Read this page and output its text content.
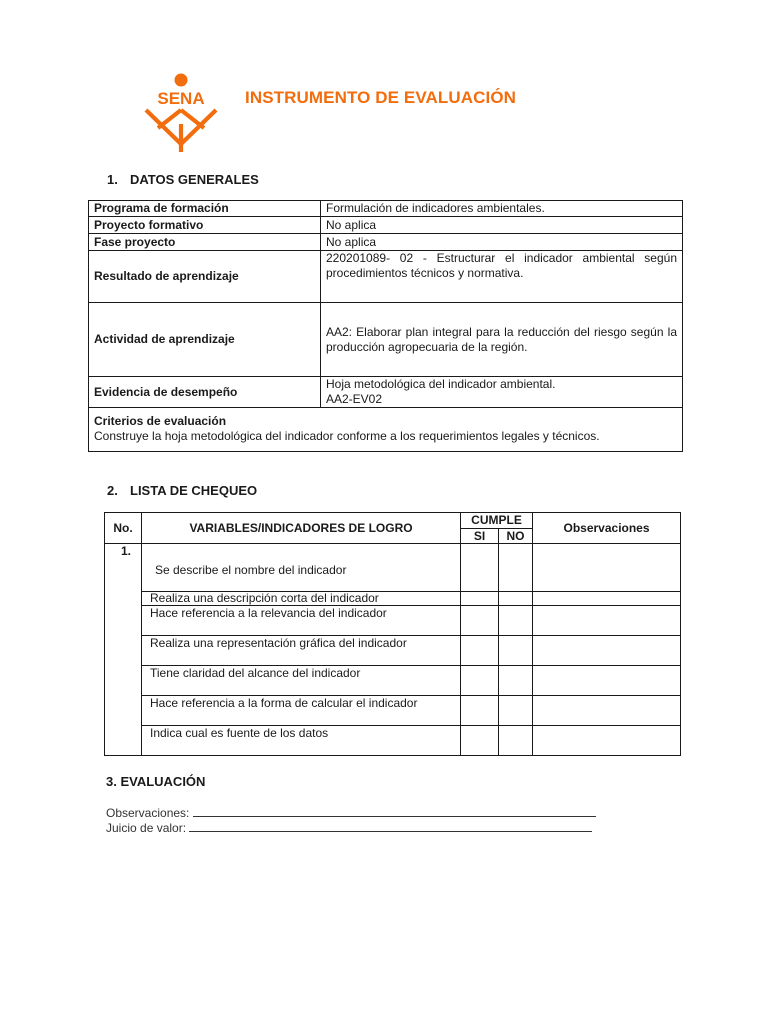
SENA INSTRUMENTO DE EVALUACIÓN
1. DATOS GENERALES
Programa de formación	Formulación de indicadores ambientales.
Proyecto formativo	No aplica
Fase proyecto	No aplica
Resultado de aprendizaje	220201089- 02 - Estructurar el indicador ambiental según procedimientos técnicos y normativa.
Actividad de aprendizaje	AA2: Elaborar plan integral para la reducción del riesgo según la producción agropecuaria de la región.
Evidencia de desempeño	Hoja metodológica del indicador ambiental.
AA2-EV02

Criterios de evaluación
Construye la hoja metodológica del indicador conforme a los requerimientos legales y técnicos.	
2. LISTA DE CHEQUEO
No.	VARIABLES/INDICADORES DE LOGRO	CUMPLE		Observaciones
		SI	NO	
1.	Se describe el nombre del indicador			
	Realiza una descripción corta del indicador			
	Hace referencia a la relevancia del indicador			
	Realiza una representación gráfica del indicador			
	Tiene claridad del alcance del indicador			
	Hace referencia a la forma de calcular el indicador			
	Indica cual es fuente de los datos			
3. EVALUACIÓN
Observaciones:
Juicio de valor:
